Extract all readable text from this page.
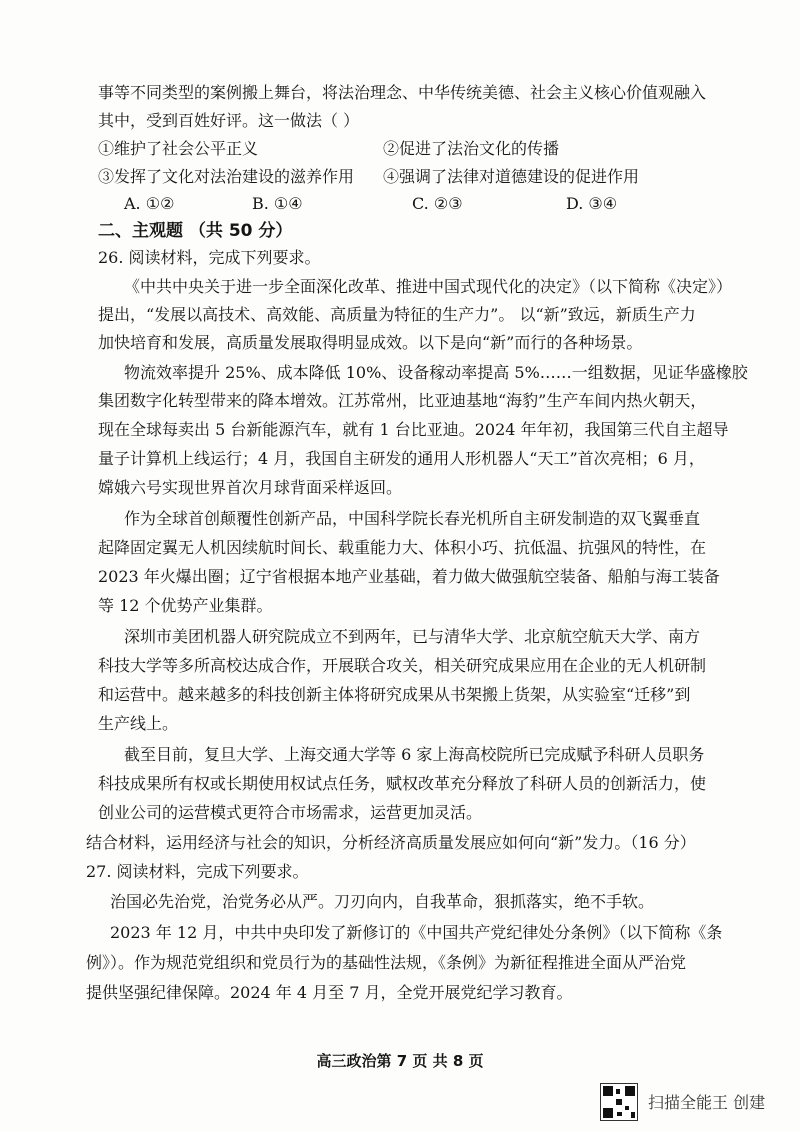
事等不同类型的案例搬上舞台，将法治理念、中华传统美德、社会主义核心价值观融入
其中，受到百姓好评。这一做法（ ）
①维护了社会公平正义	②促进了法治文化的传播
③发挥了文化对法治建设的滋养作用 ④强调了法律对道德建设的促进作用
A. ①②	B. ①④	C. ②③	D. ③④
二、主观题 （共 50 分）
26. 阅读材料，完成下列要求。
《中共中央关于进一步全面深化改革、推进中国式现代化的决定》（以下简称《决定》）
提出，“发展以高技术、高效能、高质量为特征的生产力”。 以“新”致远，新质生产力
加快培育和发展，高质量发展取得明显成效。以下是向“新”而行的各种场景。
物流效率提升 25%、成本降低 10%、设备稼动率提高 5%……一组数据，见证华盛橡胶
集团数字化转型带来的降本增效。江苏常州，比亚迪基地“海豹”生产车间内热火朝天，
现在全球每卖出 5 台新能源汽车，就有 1 台比亚迪。2024 年年初，我国第三代自主超导
量子计算机上线运行；4 月，我国自主研发的通用人形机器人“天工”首次亮相；6 月，
嫦娥六号实现世界首次月球背面采样返回。
作为全球首创颠覆性创新产品，中国科学院长春光机所自主研发制造的双飞翼垂直
起降固定翼无人机因续航时间长、载重能力大、体积小巧、抗低温、抗强风的特性，在
2023 年火爆出圈；辽宁省根据本地产业基础，着力做大做强航空装备、船舶与海工装备
等 12 个优势产业集群。
深圳市美团机器人研究院成立不到两年，已与清华大学、北京航空航天大学、南方
科技大学等多所高校达成合作，开展联合攻关，相关研究成果应用在企业的无人机研制
和运营中。越来越多的科技创新主体将研究成果从书架搬上货架，从实验室“迁移”到
生产线上。
截至目前，复旦大学、上海交通大学等 6 家上海高校院所已完成赋予科研人员职务
科技成果所有权或长期使用权试点任务，赋权改革充分释放了科研人员的创新活力，使
创业公司的运营模式更符合市场需求，运营更加灵活。
结合材料，运用经济与社会的知识，分析经济高质量发展应如何向“新”发力。（16 分）
27. 阅读材料，完成下列要求。
治国必先治党，治党务必从严。刀刃向内，自我革命，狠抓落实，绝不手软。
2023 年 12 月，中共中央印发了新修订的《中国共产党纪律处分条例》（以下简称《条
例》）。作为规范党组织和党员行为的基础性法规，《条例》为新征程推进全面从严治党
提供坚强纪律保障。2024 年 4 月至 7 月，全党开展党纪学习教育。
高三政治第 7 页 共 8 页
扫描全能王 创建
